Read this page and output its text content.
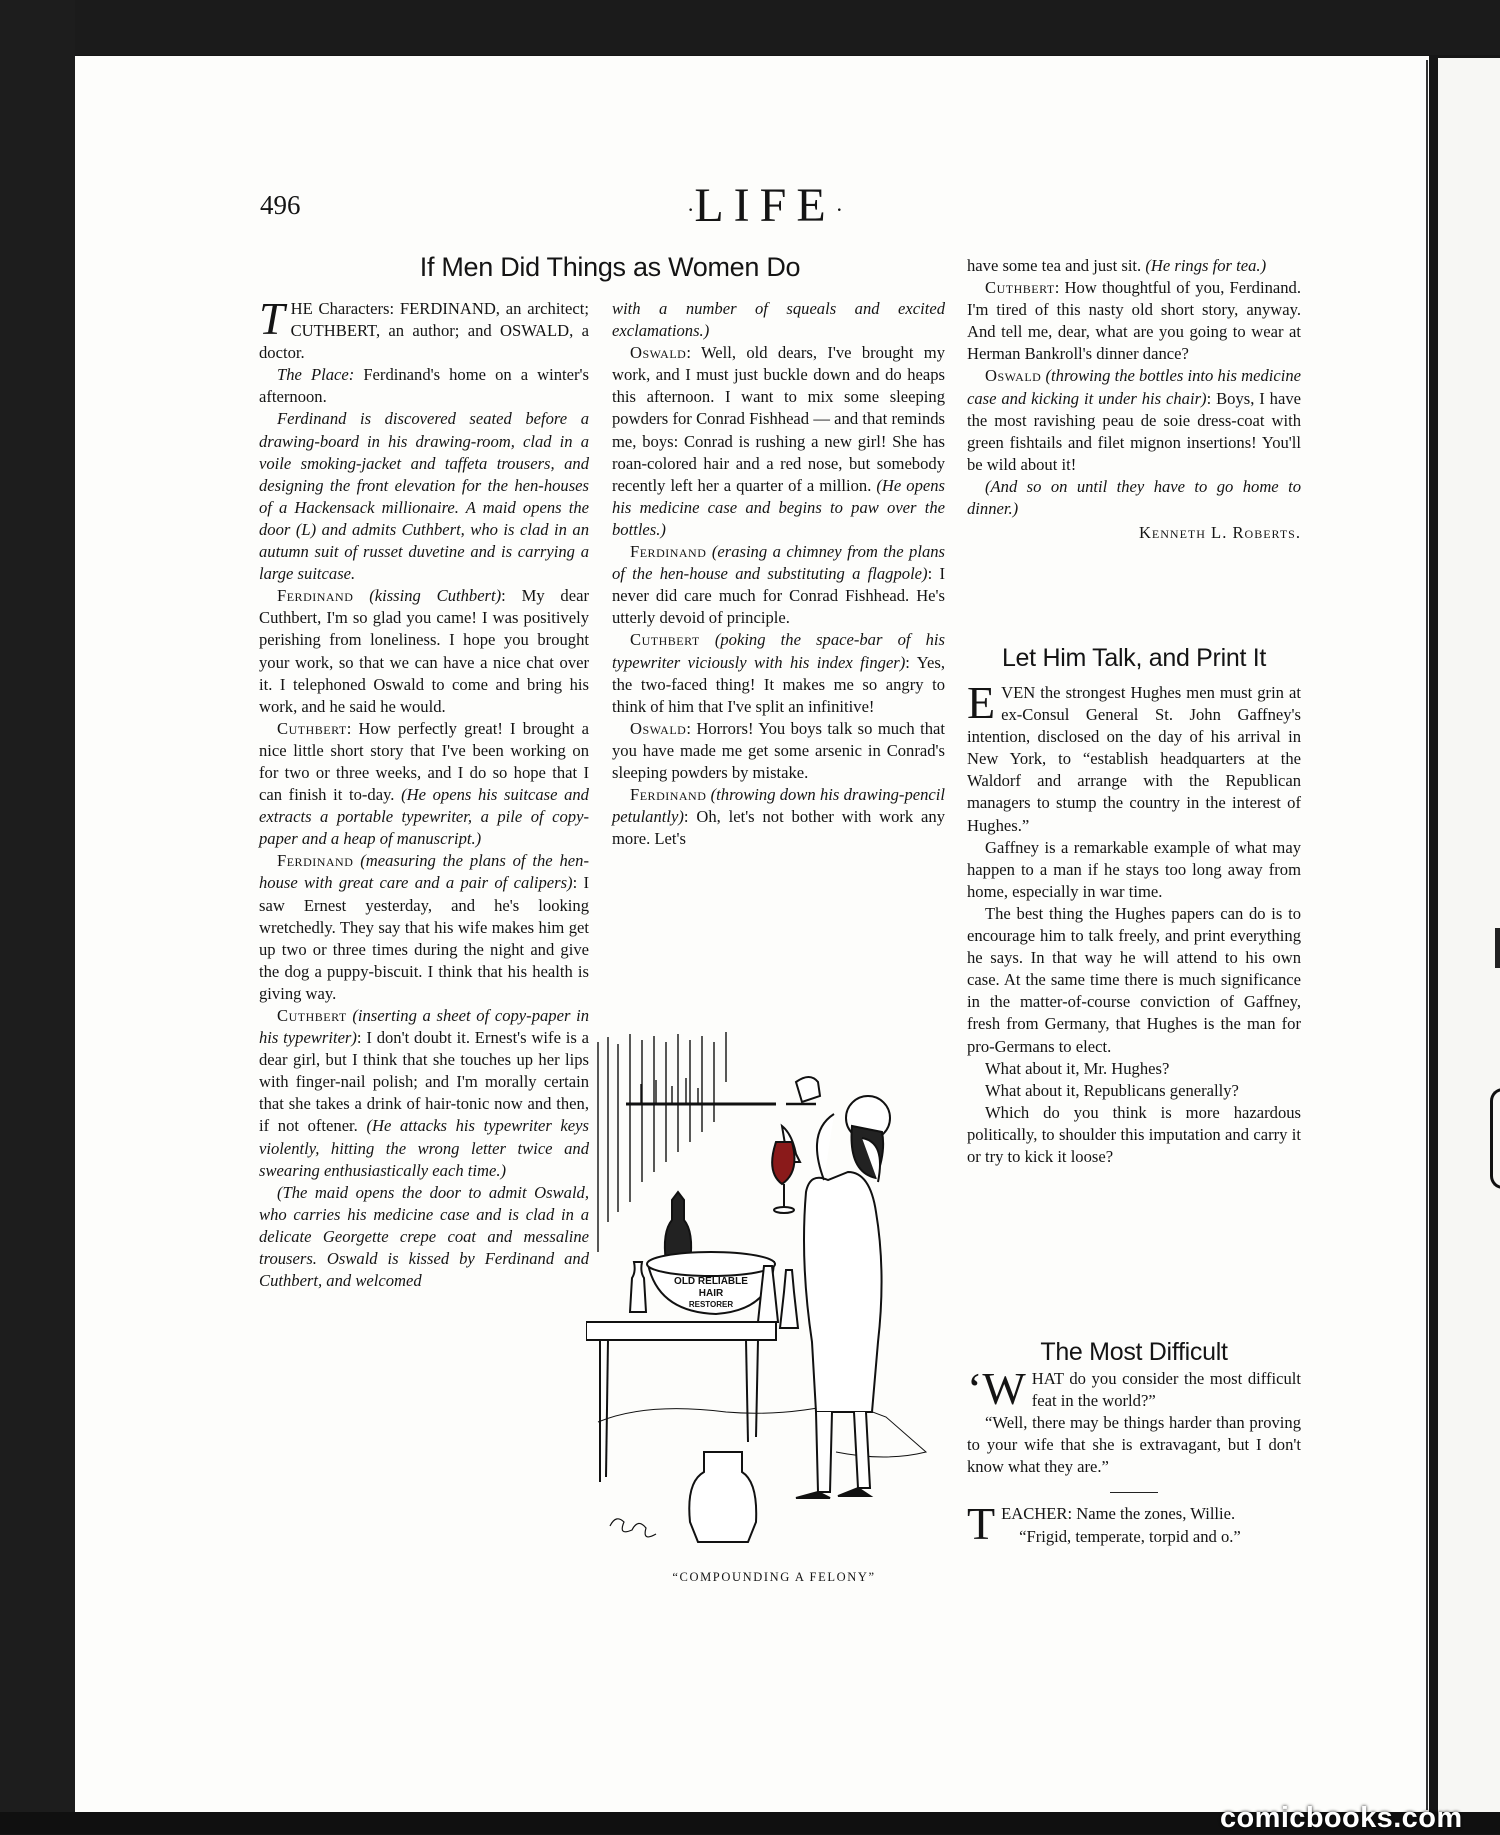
496	·LIFE·
If Men Did Things as Women Do

THE Characters: FERDINAND, an architect; CUTHBERT, an author; and OSWALD, a doctor.

The Place: Ferdinand's home on a winter's afternoon.

Ferdinand is discovered seated before a drawing-board in his drawing-room, clad in a voile smoking-jacket and taffeta trousers, and designing the front elevation for the hen-houses of a Hackensack millionaire. A maid opens the door (L) and admits Cuthbert, who is clad in an autumn suit of russet duvetine and is carrying a large suitcase.

Ferdinand (kissing Cuthbert): My dear Cuthbert, I'm so glad you came! I was positively perishing from loneliness. I hope you brought your work, so that we can have a nice chat over it. I telephoned Oswald to come and bring his work, and he said he would.

Cuthbert: How perfectly great! I brought a nice little short story that I've been working on for two or three weeks, and I do so hope that I can finish it to-day. (He opens his suitcase and extracts a portable typewriter, a pile of copy-paper and a heap of manuscript.)

Ferdinand (measuring the plans of the hen-house with great care and a pair of calipers): I saw Ernest yesterday, and he's looking wretchedly. They say that his wife makes him get up two or three times during the night and give the dog a puppy-biscuit. I think that his health is giving way.

Cuthbert (inserting a sheet of copy-paper in his typewriter): I don't doubt it. Ernest's wife is a dear girl, but I think that she touches up her lips with finger-nail polish; and I'm morally certain that she takes a drink of hair-tonic now and then, if not oftener. (He attacks his typewriter keys violently, hitting the wrong letter twice and swearing enthusiastically each time.)

(The maid opens the door to admit Oswald, who carries his medicine case and is clad in a delicate Georgette crepe coat and messaline trousers. Oswald is kissed by Ferdinand and Cuthbert, and welcomed

with a number of squeals and excited exclamations.)

Oswald: Well, old dears, I've brought my work, and I must just buckle down and do heaps this afternoon. I want to mix some sleeping powders for Conrad Fishhead — and that reminds me, boys: Conrad is rushing a new girl! She has roan-colored hair and a red nose, but somebody recently left her a quarter of a million. (He opens his medicine case and begins to paw over the bottles.)

Ferdinand (erasing a chimney from the plans of the hen-house and substituting a flagpole): I never did care much for Conrad Fishhead. He's utterly devoid of principle.

Cuthbert (poking the space-bar of his typewriter viciously with his index finger): Yes, the two-faced thing! It makes me so angry to think of him that I've split an infinitive!

Oswald: Horrors! You boys talk so much that you have made me get some arsenic in Conrad's sleeping powders by mistake.

Ferdinand (throwing down his drawing-pencil petulantly): Oh, let's not bother with work any more. Let's

have some tea and just sit. (He rings for tea.)

Cuthbert: How thoughtful of you, Ferdinand. I'm tired of this nasty old short story, anyway. And tell me, dear, what are you going to wear at Herman Bankroll's dinner dance?

Oswald (throwing the bottles into his medicine case and kicking it under his chair): Boys, I have the most ravishing peau de soie dress-coat with green fishtails and filet mignon insertions! You'll be wild about it!

(And so on until they have to go home to dinner.)

Kenneth L. Roberts.
Let Him Talk, and Print It

EVEN the strongest Hughes men must grin at ex-Consul General St. John Gaffney's intention, disclosed on the day of his arrival in New York, to “establish headquarters at the Waldorf and arrange with the Republican managers to stump the country in the interest of Hughes.”

Gaffney is a remarkable example of what may happen to a man if he stays too long away from home, especially in war time.

The best thing the Hughes papers can do is to encourage him to talk freely, and print everything he says. In that way he will attend to his own case. At the same time there is much significance in the matter-of-course conviction of Gaffney, fresh from Germany, that Hughes is the man for pro-Germans to elect.

What about it, Mr. Hughes?

What about it, Republicans generally?

Which do you think is more hazardous politically, to shoulder this imputation and carry it or try to kick it loose?

The Most Difficult

‘WHAT do you consider the most difficult feat in the world?”

“Well, there may be things harder than proving to your wife that she is extravagant, but I don't know what they are.”

TEACHER: Name the zones, Willie.

“Frigid, temperate, torpid and o.”

OLD RELIABLE
HAIR
RESTORER
“COMPOUNDING A FELONY”
comicbooks.com
